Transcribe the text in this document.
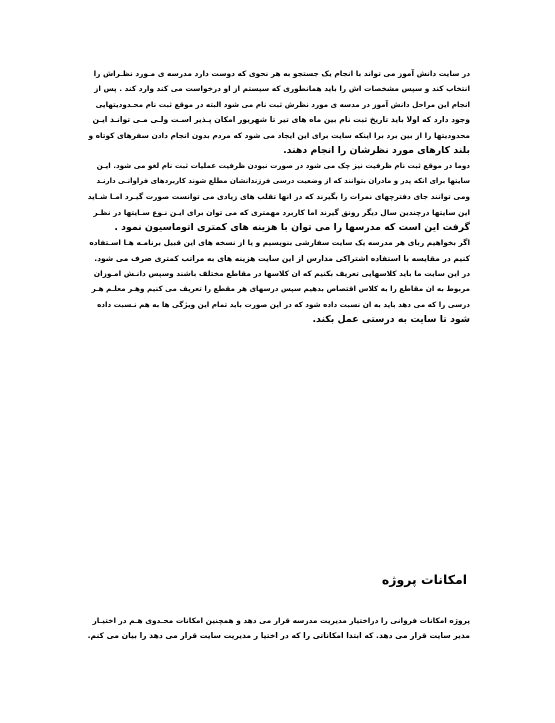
در سایت دانش آموز می تواند با انجام یک جستجو به هر نحوی که دوست دارد مدرسه ی مـورد نظـراش را
انتخاب کند و سپس مشخصات اش را باید همانطوری که سیستم از او درخواست می کند وارد کند . پس از
انجام این مراحل دانش آموز در مدسه ی مورد نظرش ثبت نام می شود البته در موقع ثبت نام محـدودیتهایی
وجود دارد که اولا باید تاریخ ثبت نام بین ماه های تیر تا شهریور امکان پـذیر اسـت ولـی مـی توانـد ایـن
محدودیتها را از بین برد برا اینکه سایت برای این ایجاد می شود که مردم بدون انجام دادن سفرهای کوتاه و
بلند کارهای مورد نظرشان را انجام دهند.
دوما در موقع ثبت نام ظرفیت نیز چک می شود در صورت نبودن ظرفیت عملیات ثبت نام لغو می شود. ایـن
سایتها برای انکه پدر و مادران بتوانند که از وضعیت درسی فرزندانشان مطلع شوند کاربردهای فراوانـی دارنـد
ومی توانند جای دفترچهای نمرات را بگیرند که در انها تقلب های زیادی می توانست صورت گیـرد امـا شـاید
این سایتها درچندین سال دیگر رونق گیرند اما کاربرد مهمتری که می توان برای ایـن نـوع سـایتها در نظـر
گرفت این است که مدرسها را می توان با هزینه های کمتری اتوماسیون نمود .
اگر بخواهیم ربای هر مدرسه یک سایت سفارشی بنویسیم و یا از نسخه های این قبیل برنامـه هـا اسـتفاده
کنیم در مقایسه با استفاده اشتراکی مدارس از این سایت هزینه های به مراتب کمتری صرف می شود.
در این سایت ما باید کلاسهایی تعریف بکنیم که ان کلاسها در مقاطع مختلف باشند وسپس دانـش امـوزان
مربوط به ان مقاطع را به کلاس اقتصاص بدهیم سپس درسهای هر مقطع را تعریف می کنیم وهـر معلـم هـر
درسی را که می دهد باید به ان نسبت داده شود که در این صورت باید تمام این ویژگی ها به هم نـسبت داده
شود تا سایت به درستی عمل بکند.
امکانات پروژه
پروژه امکانات فروانی را دراختیار مدیریت مدرسه قرار می دهد و همچنین امکانات محـدوی هـم در اختیـار
مدیر سایت قرار می دهد. که ابتدا امکاناتی را که در اختیا ر مدیریت سایت قرار می دهد را بیان می کنم.
